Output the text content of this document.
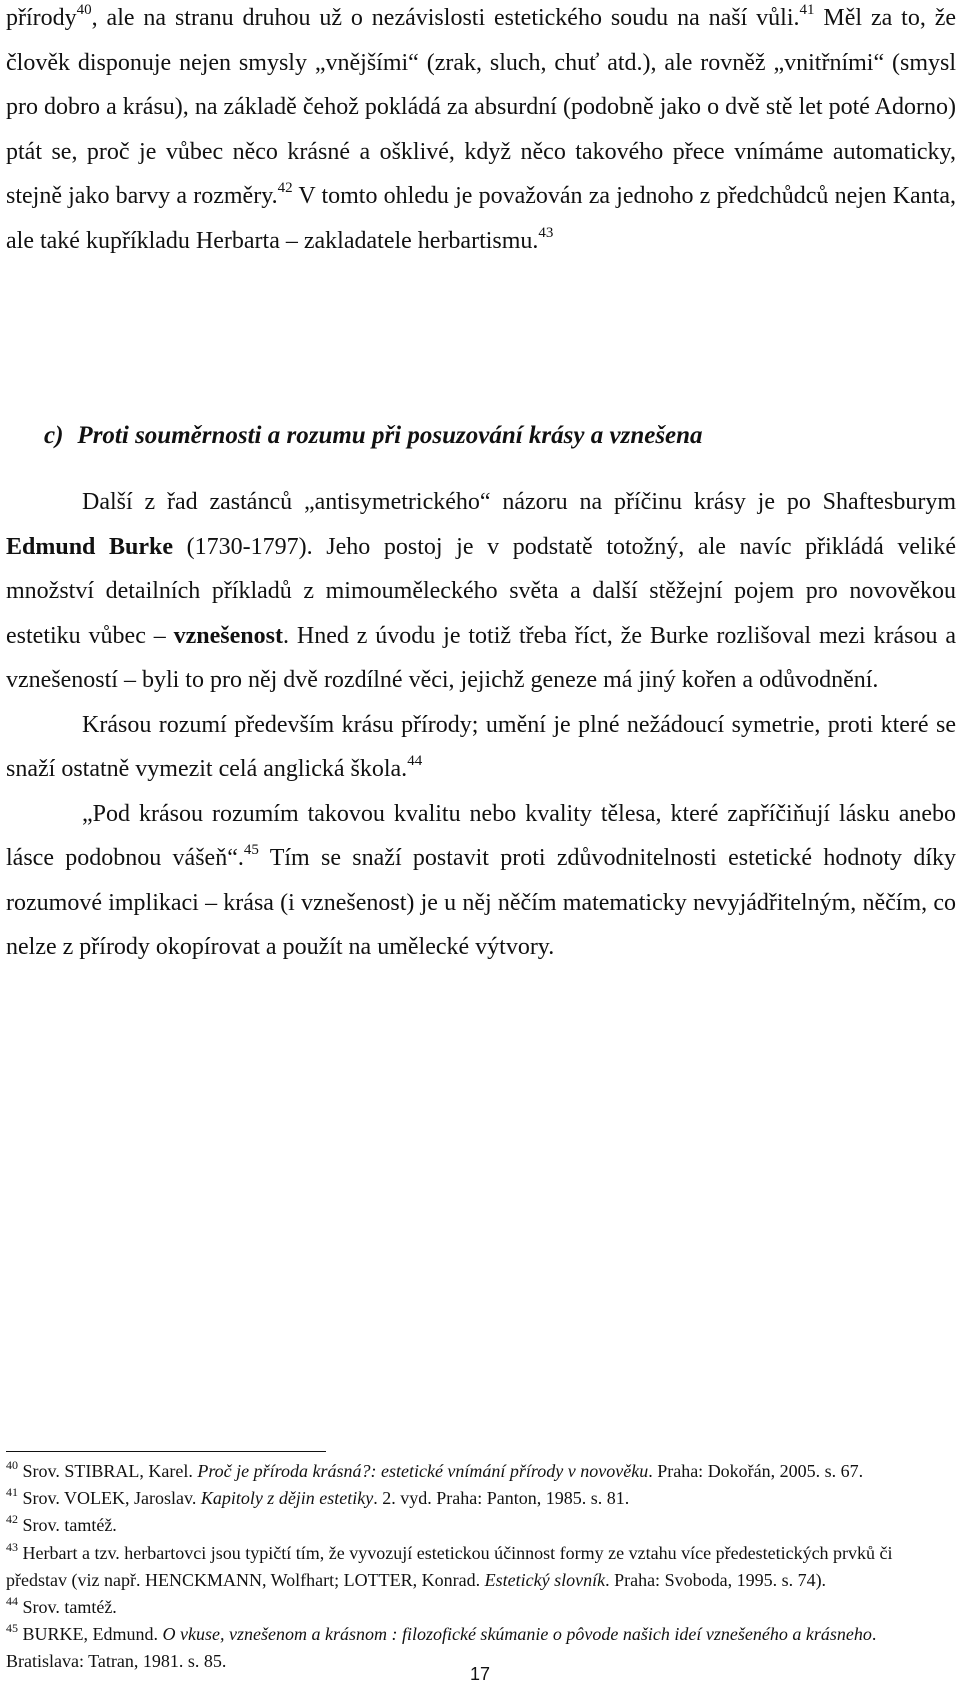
přírody$^{40}$, ale na stranu druhou už o nezávislosti estetického soudu na naší vůli.$^{41}$ Měl za to, že člověk disponuje nejen smysly „vnějšími“ (zrak, sluch, chuť atd.), ale rovněž „vnitřními“ (smysl pro dobro a krásu), na základě čehož pokládá za absurdní (podobně jako o dvě stě let poté Adorno) ptát se, proč je vůbec něco krásné a ošklivé, když něco takového přece vnímáme automaticky, stejně jako barvy a rozměry.$^{42}$ V tomto ohledu je považován za jednoho z předchůdců nejen Kanta, ale také kupříkladu Herbarta – zakladatele herbartismu.$^{43}$

c) Proti souměrnosti a rozumu při posuzování krásy a vznešena

Další z řad zastánců „antisymetrického“ názoru na příčinu krásy je po Shaftesburym Edmund Burke (1730-1797). Jeho postoj je v podstatě totožný, ale navíc přikládá veliké množství detailních příkladů z mimouměleckého světa a další stěžejní pojem pro novověkou estetiku vůbec – vznešenost. Hned z úvodu je totiž třeba říct, že Burke rozlišoval mezi krásou a vznešeností – byli to pro něj dvě rozdílné věci, jejichž geneze má jiný kořen a odůvodnění.

Krásou rozumí především krásu přírody; umění je plné nežádoucí symetrie, proti které se snaží ostatně vymezit celá anglická škola.$^{44}$

„Pod krásou rozumím takovou kvalitu nebo kvality tělesa, které zapříčiňují lásku anebo lásce podobnou vášeň“.$^{45}$ Tím se snaží postavit proti zdůvodnitelnosti estetické hodnoty díky rozumové implikaci – krása (i vznešenost) je u něj něčím matematicky nevyjádřitelným, něčím, co nelze z přírody okopírovat a použít na umělecké výtvory.

$^{40}$ Srov. STIBRAL, Karel. Proč je příroda krásná?: estetické vnímání přírody v novověku. Praha: Dokořán, 2005. s. 67.

$^{41}$ Srov. VOLEK, Jaroslav. Kapitoly z dějin estetiky. 2. vyd. Praha: Panton, 1985. s. 81.

$^{42}$ Srov. tamtéž.

$^{43}$ Herbart a tzv. herbartovci jsou typičtí tím, že vyvozují estetickou účinnost formy ze vztahu více předestetických prvků či představ (viz např. HENCKMANN, Wolfhart; LOTTER, Konrad. Estetický slovník. Praha: Svoboda, 1995. s. 74).

$^{44}$ Srov. tamtéž.

$^{45}$ BURKE, Edmund. O vkuse, vznešenom a krásnom : filozofické skúmanie o pôvode našich ideí vznešeného a krásneho. Bratislava: Tatran, 1981. s. 85.

17
